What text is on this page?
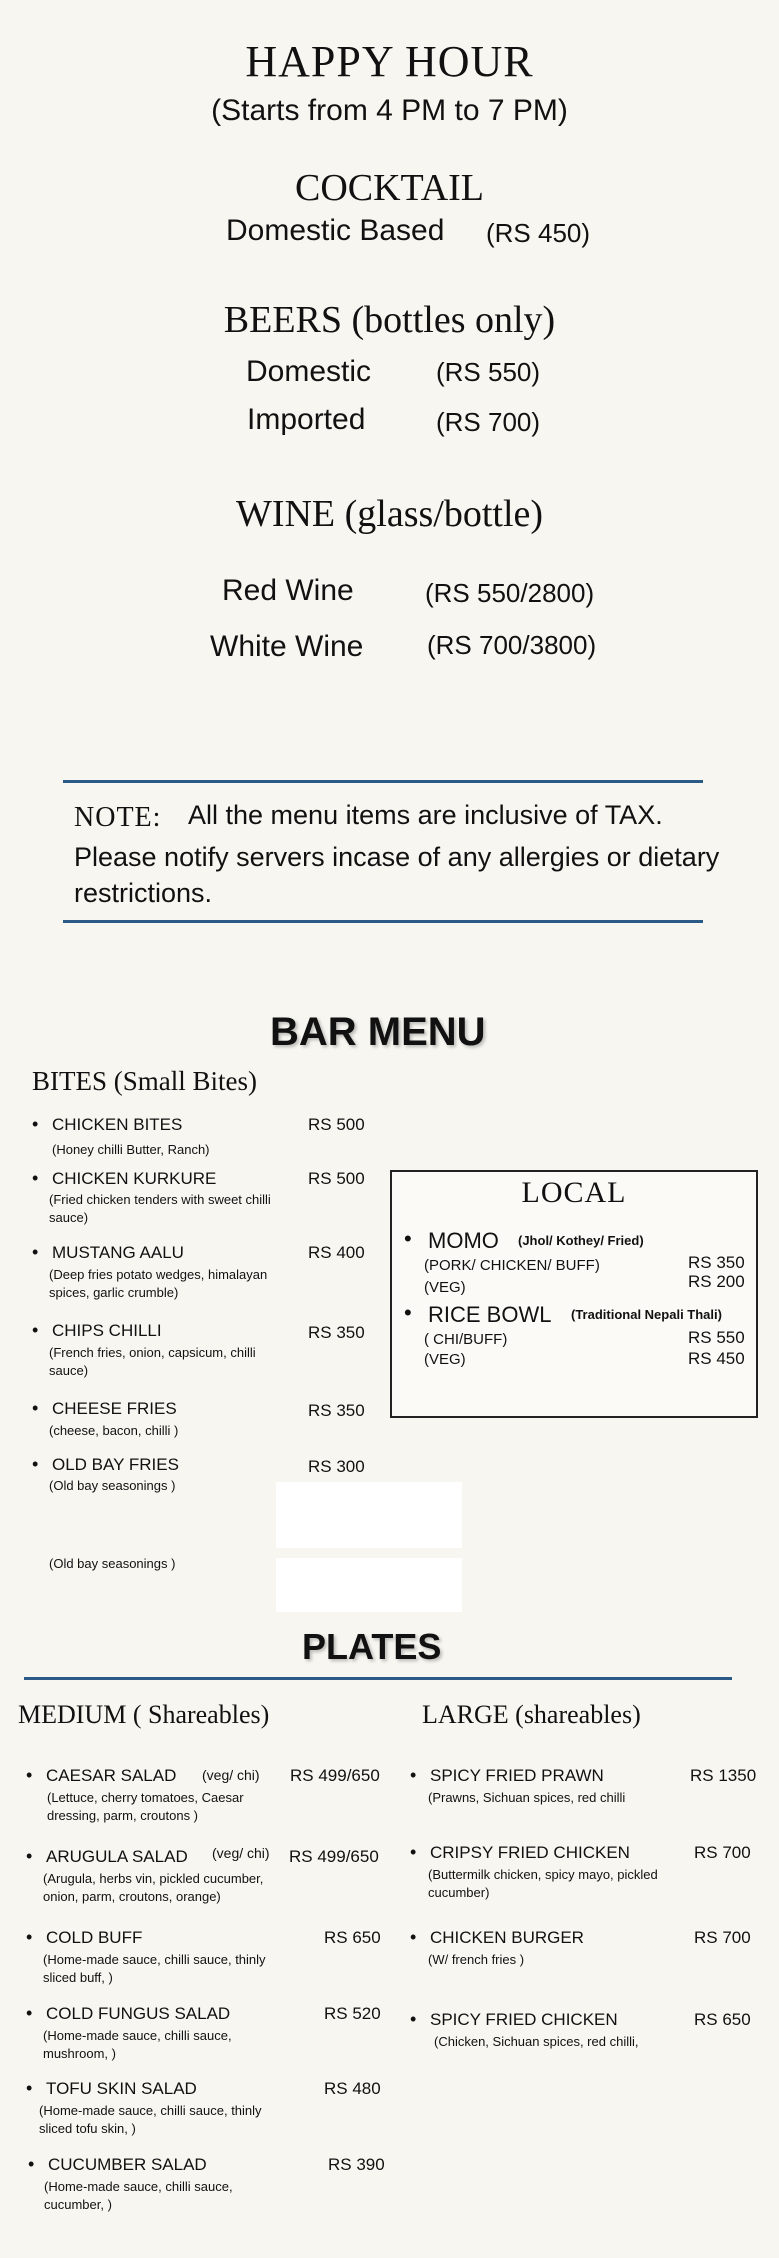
HAPPY HOUR
(Starts from 4 PM to 7 PM)
COCKTAIL
Domestic Based (RS 450)
BEERS (bottles only)
Domestic (RS 550)
Imported	(RS 700)
WINE (glass/bottle)
Red Wine	(RS 550/2800)
White Wine (RS 700/3800)
NOTE: All the menu items are inclusive of TAX.
Please notify servers incase of any allergies or dietary
restrictions.
BAR MENU
BITES (Small Bites)
• CHICKEN BITES	RS 500
(Honey chilli Butter, Ranch)
• CHICKEN KURKURE	RS 500
(Fried chicken tenders with sweet chilli sauce)
• MUSTANG AALU	RS 400
(Deep fries potato wedges, himalayan spices, garlic crumble)
• CHIPS CHILLI	RS 350
(French fries, onion, capsicum, chilli sauce)
• CHEESE FRIES	RS 350
(cheese, bacon, chilli )
• OLD BAY FRIES	RS 300
(Old bay seasonings )
(Old bay seasonings )
LOCAL
• MOMO (Jhol/ Kothey/ Fried)
(PORK/ CHICKEN/ BUFF)	RS 350
(VEG)	RS 200
• RICE BOWL (Traditional Nepali Thali)
( CHI/BUFF)	RS 550
(VEG)	RS 450
PLATES
MEDIUM ( Shareables)	LARGE (shareables)
• CAESAR SALAD (veg/ chi) RS 499/650
(Lettuce, cherry tomatoes, Caesar dressing, parm, croutons )
• ARUGULA SALAD (veg/ chi) RS 499/650
(Arugula, herbs vin, pickled cucumber, onion, parm, croutons, orange)
• COLD BUFF	RS 650
(Home-made sauce, chilli sauce, thinly sliced buff, )
• COLD FUNGUS SALAD	RS 520
(Home-made sauce, chilli sauce, mushroom, )
• TOFU SKIN SALAD	RS 480
(Home-made sauce, chilli sauce, thinly sliced tofu skin, )
• CUCUMBER SALAD	RS 390
(Home-made sauce, chilli sauce, cucumber, )
• SPICY FRIED PRAWN	RS 1350
(Prawns, Sichuan spices, red chilli
• CRIPSY FRIED CHICKEN	RS 700
(Buttermilk chicken, spicy mayo, pickled cucumber)
• CHICKEN BURGER	RS 700
(W/ french fries )
• SPICY FRIED CHICKEN	RS 650
(Chicken, Sichuan spices, red chilli,
